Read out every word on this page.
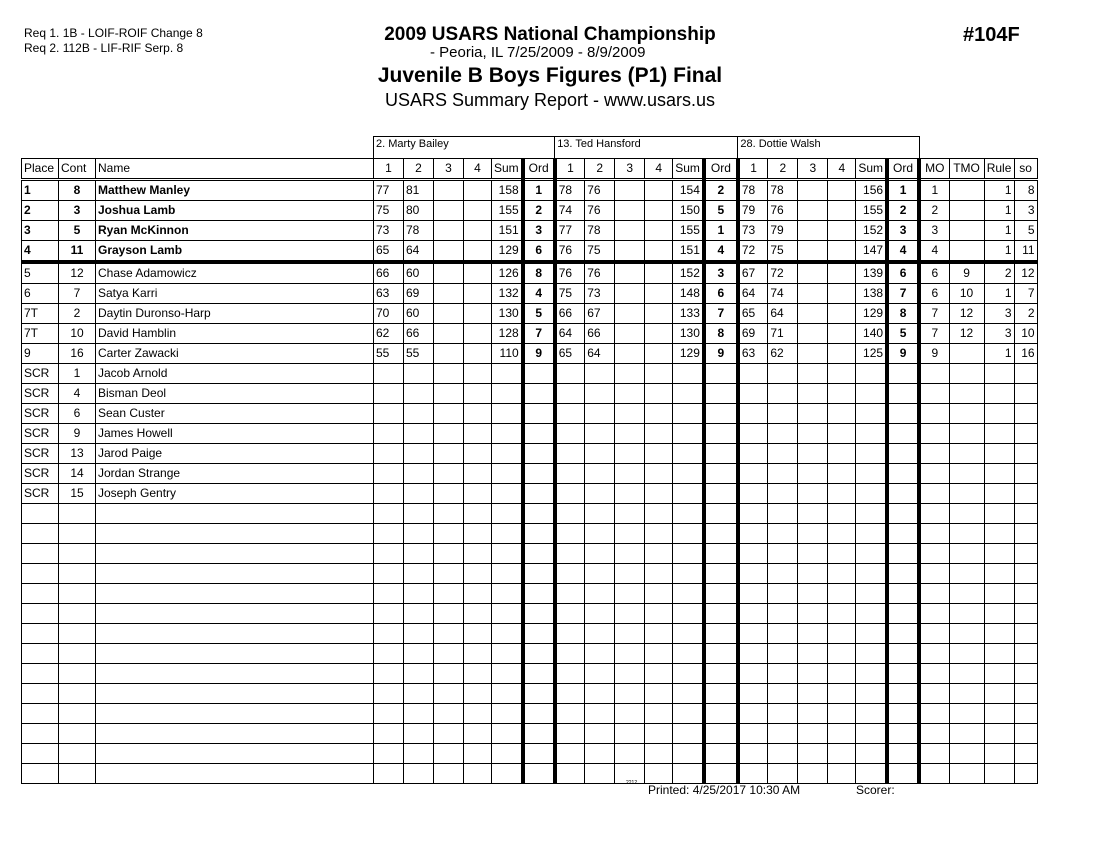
Req 1. 1B - LOIF-ROIF Change 8
Req 2. 112B - LIF-RIF Serp. 8
2009 USARS National Championship
- Peoria, IL 7/25/2009 - 8/9/2009
Juvenile B Boys Figures (P1) Final
USARS Summary Report - www.usars.us
#104F
			2. Marty Bailey						13. Ted Hansford						28. Dottie Walsh									
Place	Cont	Name	1	2	3	4	Sum	Ord	1	2	3	4	Sum	Ord	1	2	3	4	Sum	Ord	MO	TMO	Rule	so
1	8	Matthew Manley	77	81			158	1	78	76			154	2	78	78			156	1	1		1	8
2	3	Joshua Lamb	75	80			155	2	74	76			150	5	79	76			155	2	2		1	3
3	5	Ryan McKinnon	73	78			151	3	77	78			155	1	73	79			152	3	3		1	5
4	11	Grayson Lamb	65	64			129	6	76	75			151	4	72	75			147	4	4		1	11
5	12	Chase Adamowicz	66	60			126	8	76	76			152	3	67	72			139	6	6	9	2	12
6	7	Satya Karri	63	69			132	4	75	73			148	6	64	74			138	7	6	10	1	7
7T	2	Daytin Duronso-Harp	70	60			130	5	66	67			133	7	65	64			129	8	7	12	3	2
7T	10	David Hamblin	62	66			128	7	64	66			130	8	69	71			140	5	7	12	3	10
9	16	Carter Zawacki	55	55			110	9	65	64			129	9	63	62			125	9	9		1	16
SCR	1	Jacob Arnold																						
SCR	4	Bisman Deol																						
SCR	6	Sean Custer																						
SCR	9	James Howell																						
SCR	13	Jarod Paige																						
SCR	14	Jordan Strange																						
SCR	15	Joseph Gentry																						

2212 Printed: 4/25/2017 10:30 AM	Scorer:
